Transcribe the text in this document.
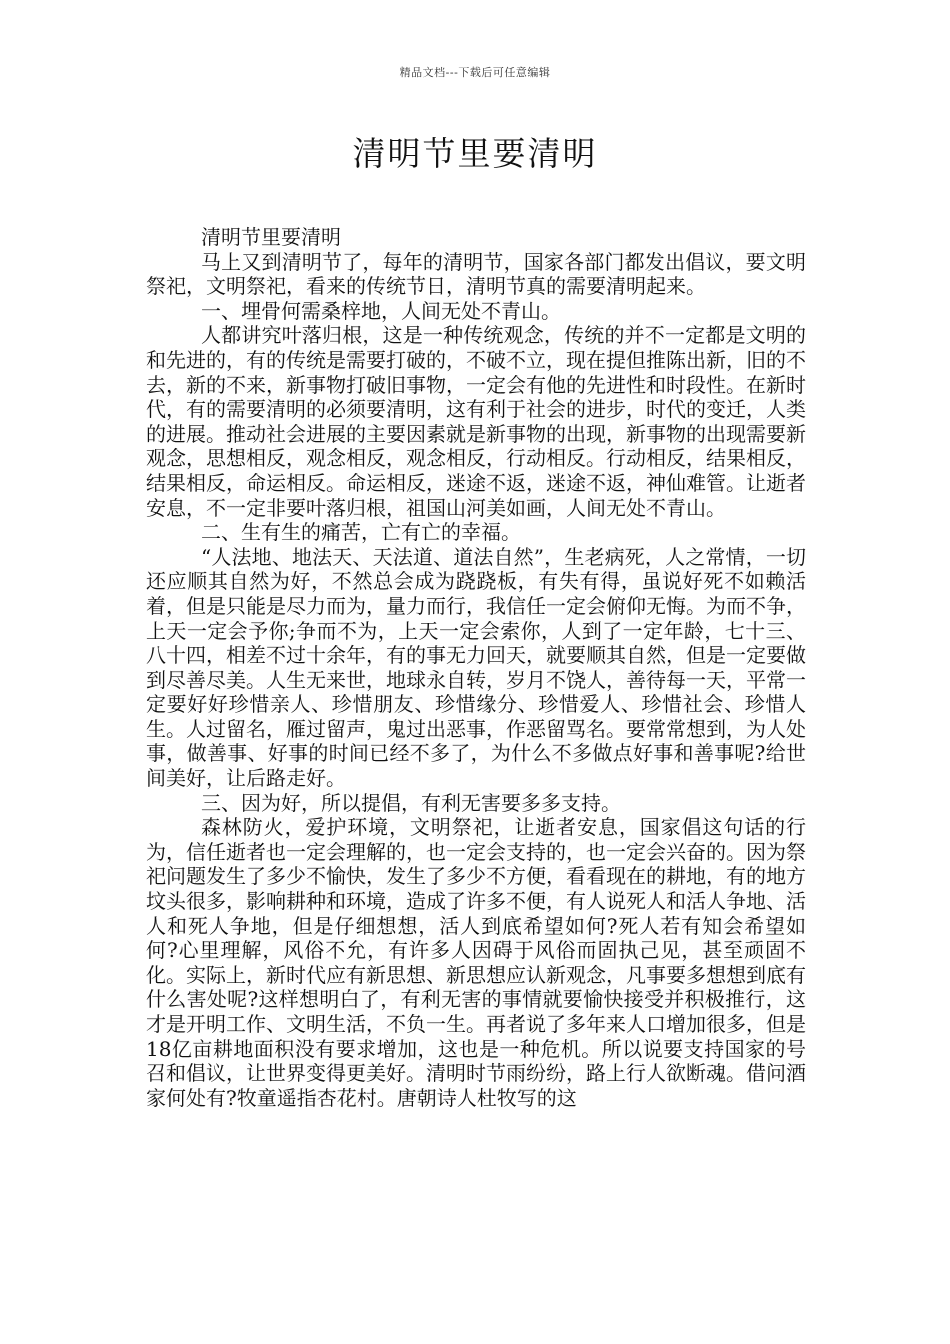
精品文档---下载后可任意编辑
清明节里要清明

清明节里要清明

马上又到清明节了，每年的清明节，国家各部门都发出倡议，要文明祭祀，文明祭祀，看来的传统节日，清明节真的需要清明起来。

一、埋骨何需桑梓地，人间无处不青山。

人都讲究叶落归根，这是一种传统观念，传统的并不一定都是文明的和先进的，有的传统是需要打破的，不破不立，现在提但推陈出新，旧的不去，新的不来，新事物打破旧事物，一定会有他的先进性和时段性。在新时代，有的需要清明的必须要清明，这有利于社会的进步，时代的变迁，人类的进展。推动社会进展的主要因素就是新事物的出现，新事物的出现需要新观念，思想相反，观念相反，观念相反，行动相反。行动相反，结果相反，结果相反，命运相反。命运相反，迷途不返，迷途不返，神仙难管。让逝者安息，不一定非要叶落归根，祖国山河美如画，人间无处不青山。

二、生有生的痛苦，亡有亡的幸福。

“人法地、地法天、天法道、道法自然”，生老病死，人之常情，一切还应顺其自然为好，不然总会成为跷跷板，有失有得，虽说好死不如赖活着，但是只能是尽力而为，量力而行，我信任一定会俯仰无悔。为而不争，上天一定会予你;争而不为，上天一定会索你，人到了一定年龄，七十三、八十四，相差不过十余年，有的事无力回天，就要顺其自然，但是一定要做到尽善尽美。人生无来世，地球永自转，岁月不饶人，善待每一天，平常一定要好好珍惜亲人、珍惜朋友、珍惜缘分、珍惜爱人、珍惜社会、珍惜人生。人过留名，雁过留声，鬼过出恶事，作恶留骂名。要常常想到，为人处事，做善事、好事的时间已经不多了，为什么不多做点好事和善事呢?给世间美好，让后路走好。

三、因为好，所以提倡，有利无害要多多支持。

森林防火，爱护环境，文明祭祀，让逝者安息，国家倡这句话的行为，信任逝者也一定会理解的，也一定会支持的，也一定会兴奋的。因为祭祀问题发生了多少不愉快，发生了多少不方便，看看现在的耕地，有的地方坟头很多，影响耕种和环境，造成了许多不便，有人说死人和活人争地、活人和死人争地，但是仔细想想，活人到底希望如何?死人若有知会希望如何?心里理解，风俗不允，有许多人因碍于风俗而固执己见，甚至顽固不化。实际上，新时代应有新思想、新思想应认新观念，凡事要多想想到底有什么害处呢?这样想明白了，有利无害的事情就要愉快接受并积极推行，这才是开明工作、文明生活，不负一生。再者说了多年来人口增加很多，但是18亿亩耕地面积没有要求增加，这也是一种危机。所以说要支持国家的号召和倡议，让世界变得更美好。清明时节雨纷纷，路上行人欲断魂。借问酒家何处有?牧童遥指杏花村。唐朝诗人杜牧写的这
